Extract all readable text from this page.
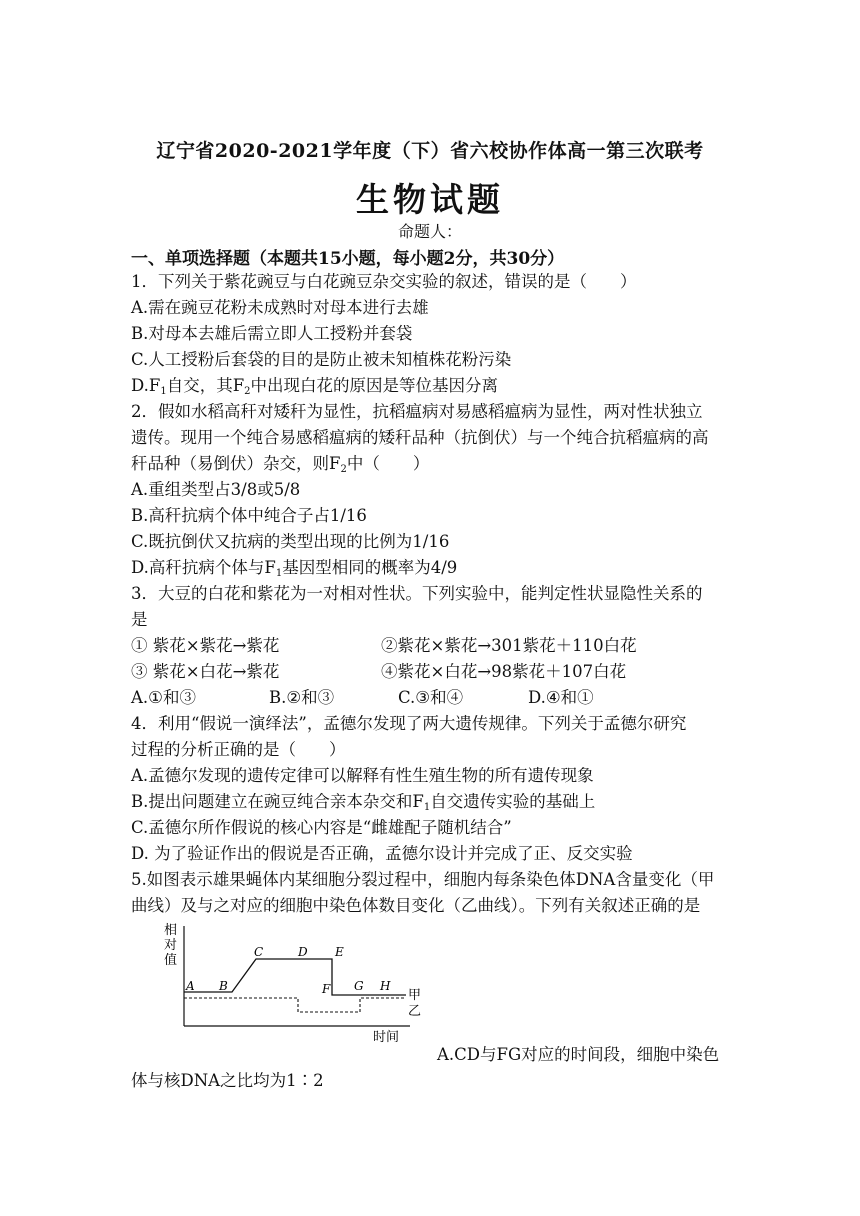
辽宁省2020-2021学年度（下）省六校协作体高一第三次联考
生物试题
命题人：
一、单项选择题（本题共15小题，每小题2分，共30分）
1．下列关于紫花豌豆与白花豌豆杂交实验的叙述，错误的是（　　）
A.需在豌豆花粉未成熟时对母本进行去雄
B.对母本去雄后需立即人工授粉并套袋
C.人工授粉后套袋的目的是防止被未知植株花粉污染
$D.F_1$自交，其$F_2$中出现白花的原因是等位基因分离
2．假如水稻高秆对矮秆为显性，抗稻瘟病对易感稻瘟病为显性，两对性状独立
遗传。现用一个纯合易感稻瘟病的矮秆品种（抗倒伏）与一个纯合抗稻瘟病的高
秆品种（易倒伏）杂交，则$F_2$中（　　）
A.重组类型占3/8或5/8
B.高秆抗病个体中纯合子占1/16
C.既抗倒伏又抗病的类型出现的比例为1/16
D.高秆抗病个体与$F_1$基因型相同的概率为4/9
3．大豆的白花和紫花为一对相对性状。下列实验中，能判定性状显隐性关系的
是
① 紫花×紫花→紫花	②紫花×紫花→301紫花＋110白花
③ 紫花×白花→紫花	④紫花×白花→98紫花＋107白花
A.①和③	B.②和③	C.③和④	D.④和①
4．利用“假说一演绎法”，孟德尔发现了两大遗传规律。下列关于孟德尔研究
过程的分析正确的是（　　）
A.孟德尔发现的遗传定律可以解释有性生殖生物的所有遗传现象
B.提出问题建立在豌豆纯合亲本杂交和$F_1$自交遗传实验的基础上
C.孟德尔所作假说的核心内容是“雌雄配子随机结合”
D. 为了验证作出的假说是否正确，孟德尔设计并完成了正、反交实验
5.如图表示雄果蝇体内某细胞分裂过程中，细胞内每条染色体DNA含量变化（甲
曲线）及与之对应的细胞中染色体数目变化（乙曲线）。下列有关叙述正确的是
相
对
值
时间
A B
C	D E
F G H
甲
乙
A.CD与FG对应的时间段，细胞中染色
体与核DNA之比均为1∶2
